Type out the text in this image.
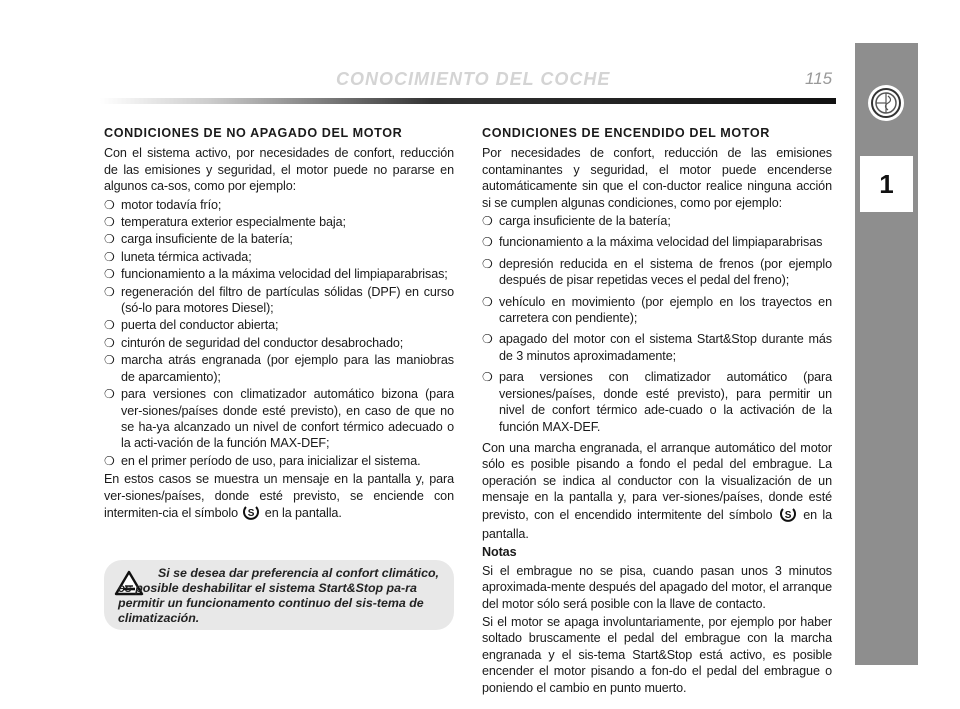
CONOCIMIENTO DEL COCHE	115
1
CONDICIONES DE NO APAGADO DEL MOTOR

Con el sistema activo, por necesidades de confort, reducción de las emisiones y seguridad, el motor puede no pararse en algunos ca-sos, como por ejemplo:

❍ motor todavía frío;
❍ temperatura exterior especialmente baja;
❍ carga insuficiente de la batería;
❍ luneta térmica activada;
❍ funcionamiento a la máxima velocidad del limpiaparabrisas;
❍ regeneración del filtro de partículas sólidas (DPF) en curso (só-lo para motores Diesel);
❍ puerta del conductor abierta;
❍ cinturón de seguridad del conductor desabrochado;
❍ marcha atrás engranada (por ejemplo para las maniobras de aparcamiento);
❍ para versiones con climatizador automático bizona (para ver-siones/países donde esté previsto), en caso de que no se ha-ya alcanzado un nivel de confort térmico adecuado o la acti-vación de la función MAX-DEF;
❍ en el primer período de uso, para inicializar el sistema.

En estos casos se muestra un mensaje en la pantalla y, para ver-siones/países, donde esté previsto, se enciende con intermiten-cia el símbolo S en la pantalla.

Si se desea dar preferencia al confort climático, es posible deshabilitar el sistema Start&Stop pa-ra permitir un funcionamento continuo del sis-tema de climatización.
CONDICIONES DE ENCENDIDO DEL MOTOR

Por necesidades de confort, reducción de las emisiones contaminantes y seguridad, el motor puede encenderse automáticamente sin que el con-ductor realice ninguna acción si se cumplen algunas condiciones, como por ejemplo:

❍ carga insuficiente de la batería;
❍ funcionamiento a la máxima velocidad del limpiaparabrisas
❍ depresión reducida en el sistema de frenos (por ejemplo después de pisar repetidas veces el pedal del freno);
❍ vehículo en movimiento (por ejemplo en los trayectos en carretera con pendiente);
❍ apagado del motor con el sistema Start&Stop durante más de 3 minutos aproximadamente;
❍ para versiones con climatizador automático (para versiones/países, donde esté previsto), para permitir un nivel de confort térmico ade-cuado o la activación de la función MAX-DEF.

Con una marcha engranada, el arranque automático del motor sólo es posible pisando a fondo el pedal del embrague. La operación se indica al conductor con la visualización de un mensaje en la pantalla y, para ver-siones/países, donde esté previsto, con el encendido intermitente del símbolo S en la pantalla.

Notas

Si el embrague no se pisa, cuando pasan unos 3 minutos aproximada-mente después del apagado del motor, el arranque del motor sólo será posible con la llave de contacto.

Si el motor se apaga involuntariamente, por ejemplo por haber soltado bruscamente el pedal del embrague con la marcha engranada y el sis-tema Start&Stop está activo, es posible encender el motor pisando a fon-do el pedal del embrague o poniendo el cambio en punto muerto.
